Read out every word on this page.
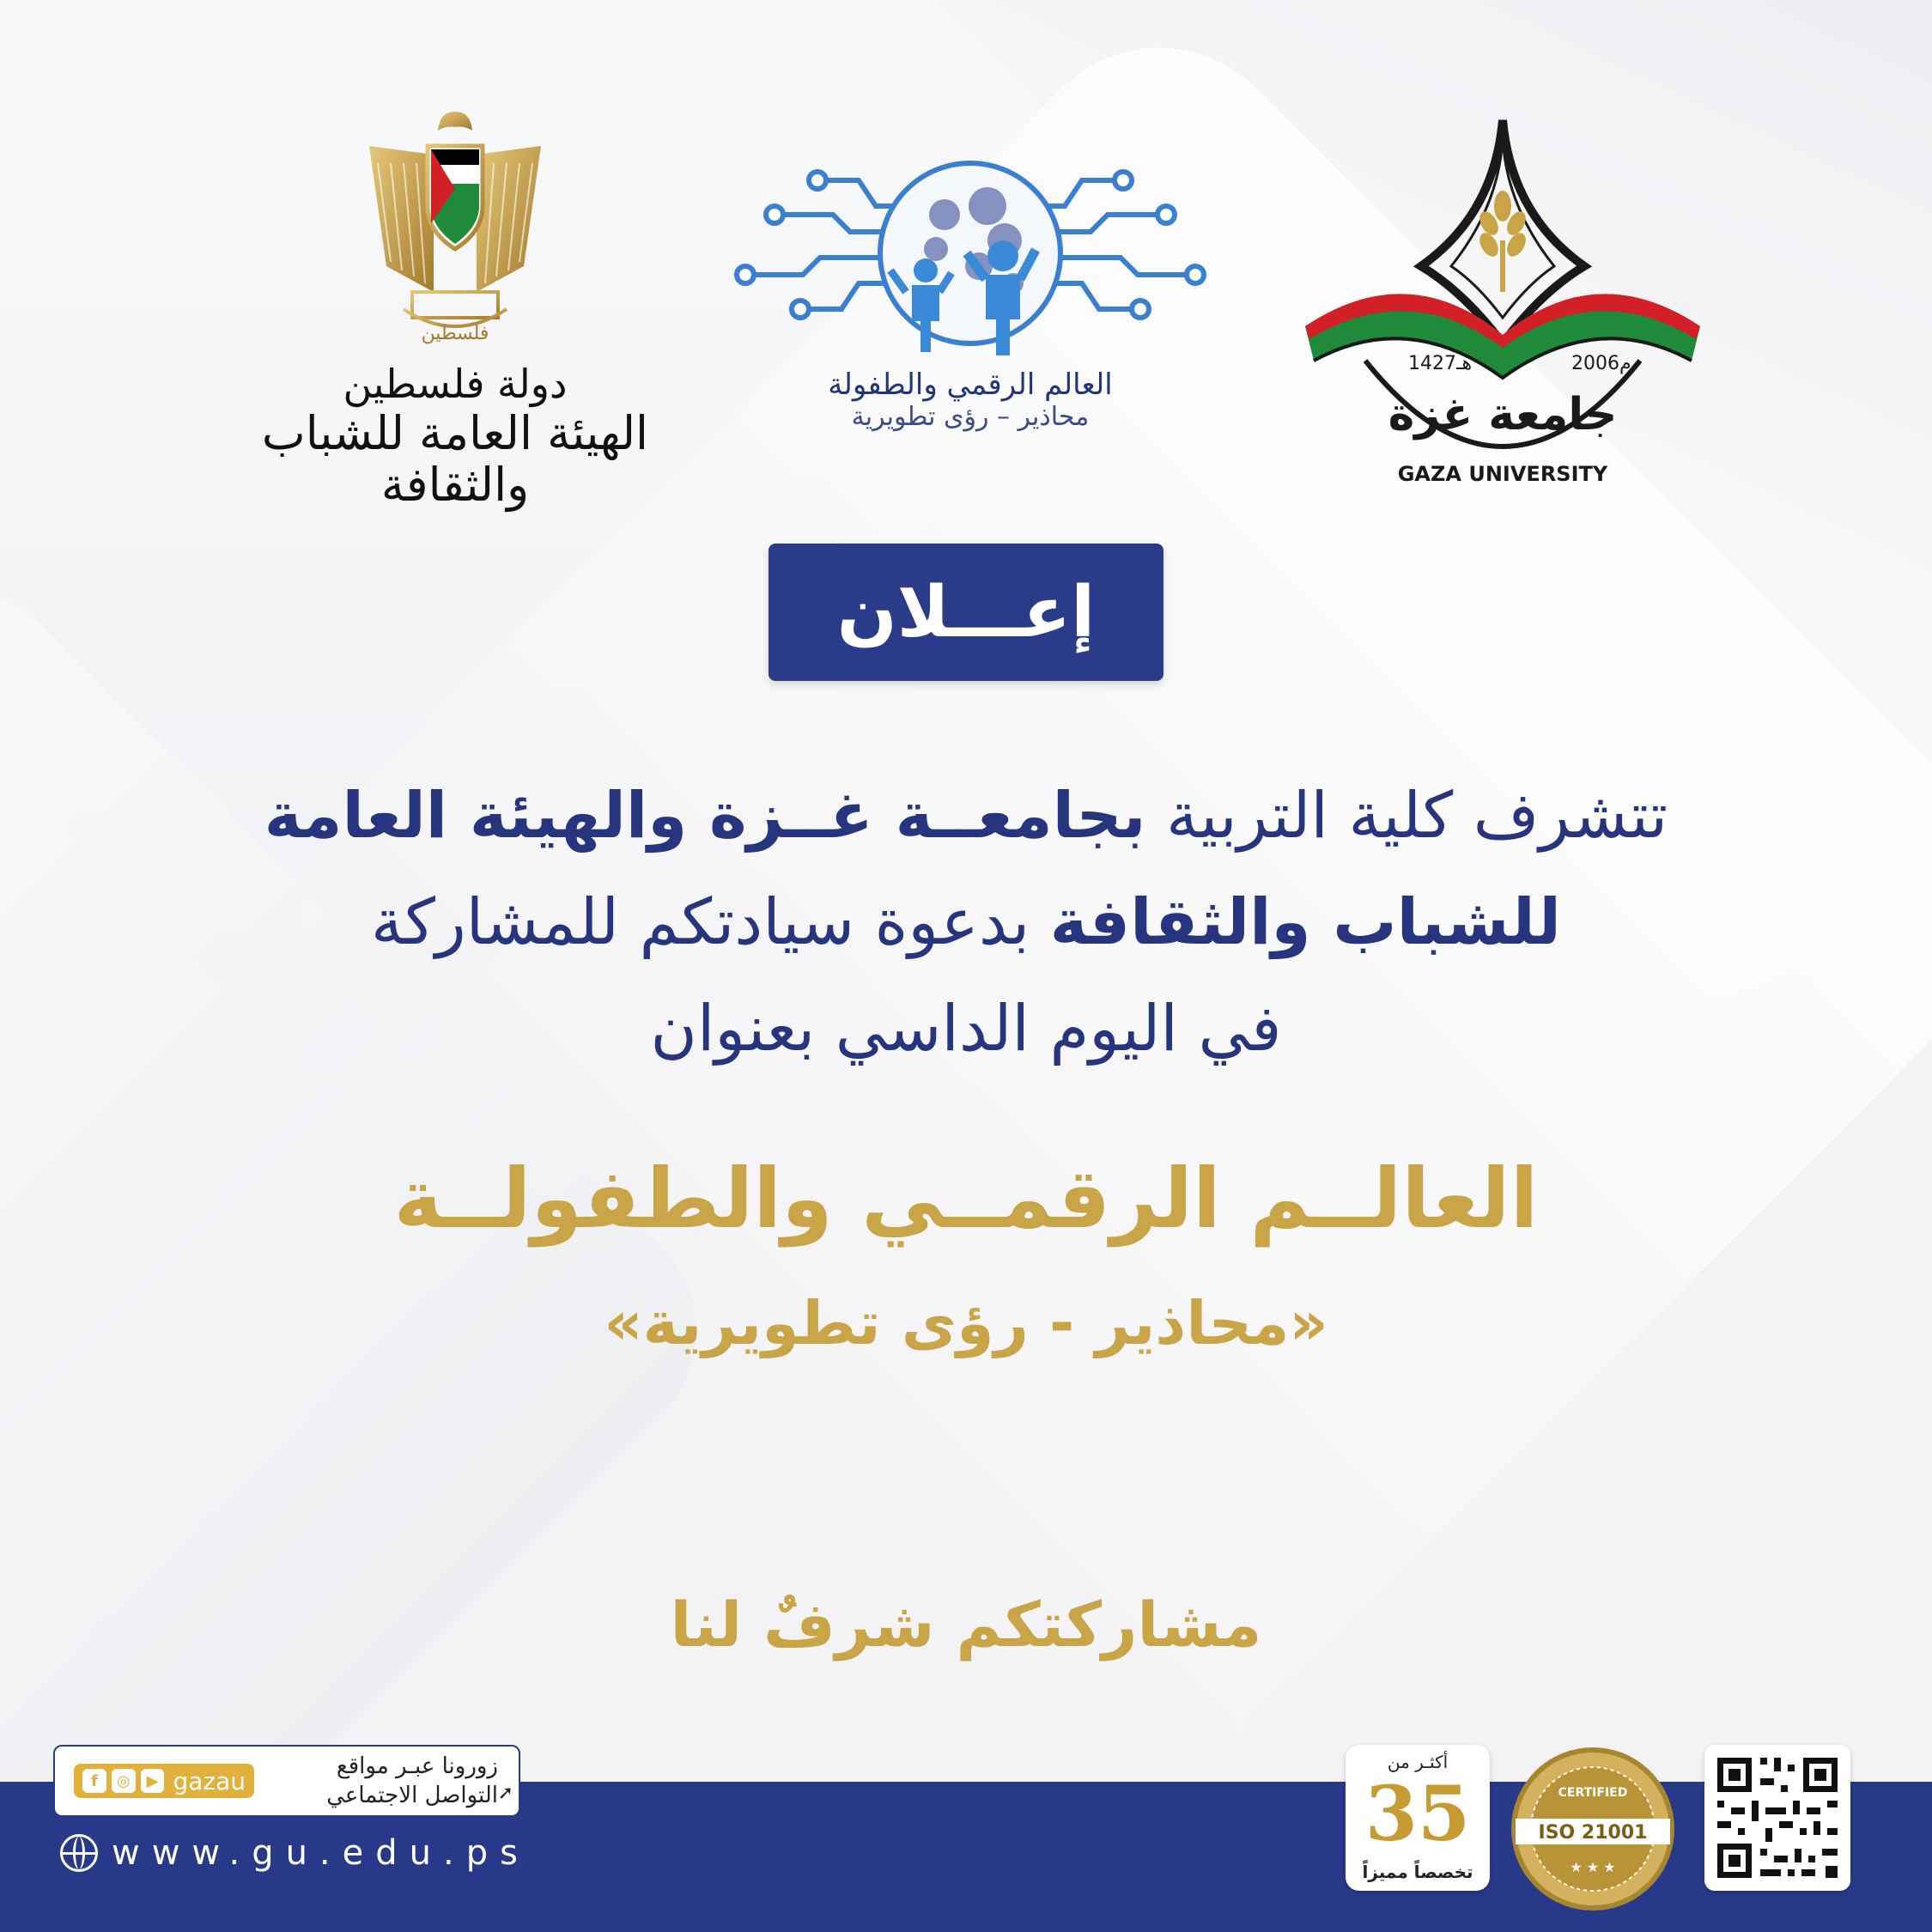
فلسطين
دولة فلسطين
الهيئة العامة للشباب والثقافة
العالم الرقمي والطفولة
محاذير – رؤى تطويرية
2006م
1427هـ
جامعة غزة
GAZA UNIVERSITY
إعـــلان
تتشرف كلية التربية بجامعــة غــزة والهيئة العامة
للشباب والثقافة بدعوة سيادتكم للمشاركة
في اليوم الداسي بعنوان
العالــم الرقمــي والطفولــة
«محاذير - رؤى تطويرية»
مشاركتكم شرفٌ لنا
f	◎	▶ gazau
زورونا عبـر مواقع
التواصل الاجتماعي ➚
www.gu.edu.ps
أكثـر من
35
تخصصاً مميزاً
ISO 21001
CERTIFIED
★ ★ ★
